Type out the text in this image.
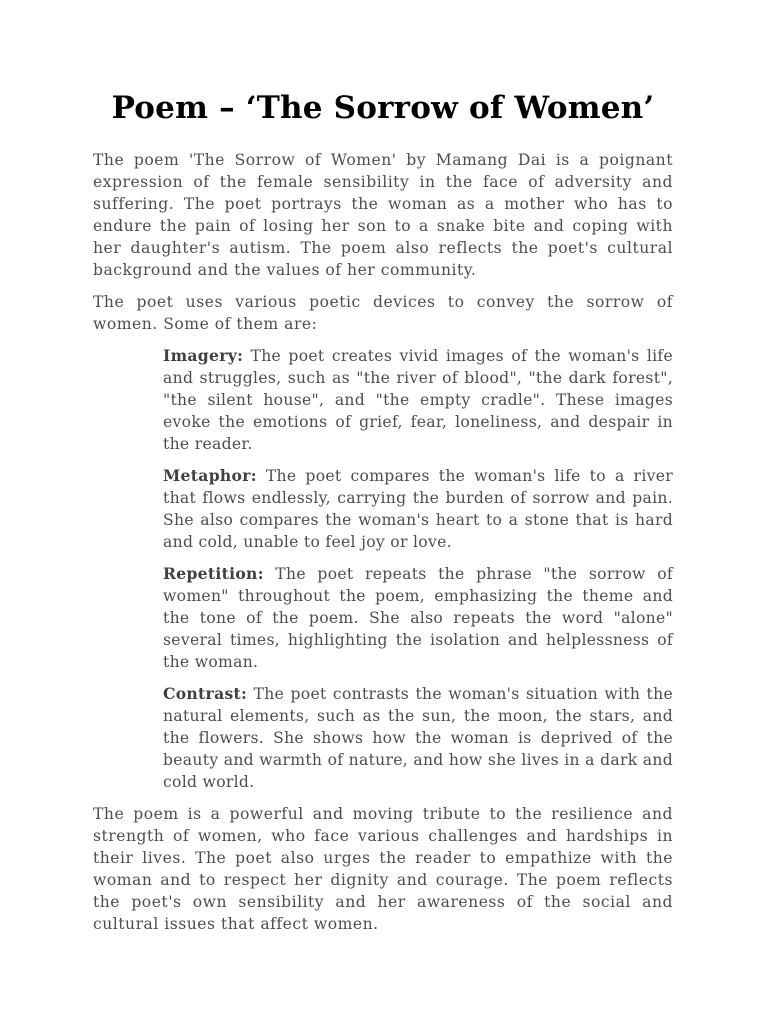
Poem – ‘The Sorrow of Women’

The poem 'The Sorrow of Women' by Mamang Dai is a poignant expression of the female sensibility in the face of adversity and suffering. The poet portrays the woman as a mother who has to endure the pain of losing her son to a snake bite and coping with her daughter's autism. The poem also reflects the poet's cultural background and the values of her community.

The poet uses various poetic devices to convey the sorrow of women. Some of them are:

Imagery: The poet creates vivid images of the woman's life and struggles, such as "the river of blood", "the dark forest", "the silent house", and "the empty cradle". These images evoke the emotions of grief, fear, loneliness, and despair in the reader.

Metaphor: The poet compares the woman's life to a river that flows endlessly, carrying the burden of sorrow and pain. She also compares the woman's heart to a stone that is hard and cold, unable to feel joy or love.

Repetition: The poet repeats the phrase "the sorrow of women" throughout the poem, emphasizing the theme and the tone of the poem. She also repeats the word "alone" several times, highlighting the isolation and helplessness of the woman.

Contrast: The poet contrasts the woman's situation with the natural elements, such as the sun, the moon, the stars, and the flowers. She shows how the woman is deprived of the beauty and warmth of nature, and how she lives in a dark and cold world.

The poem is a powerful and moving tribute to the resilience and strength of women, who face various challenges and hardships in their lives. The poet also urges the reader to empathize with the woman and to respect her dignity and courage. The poem reflects the poet's own sensibility and her awareness of the social and cultural issues that affect women.
